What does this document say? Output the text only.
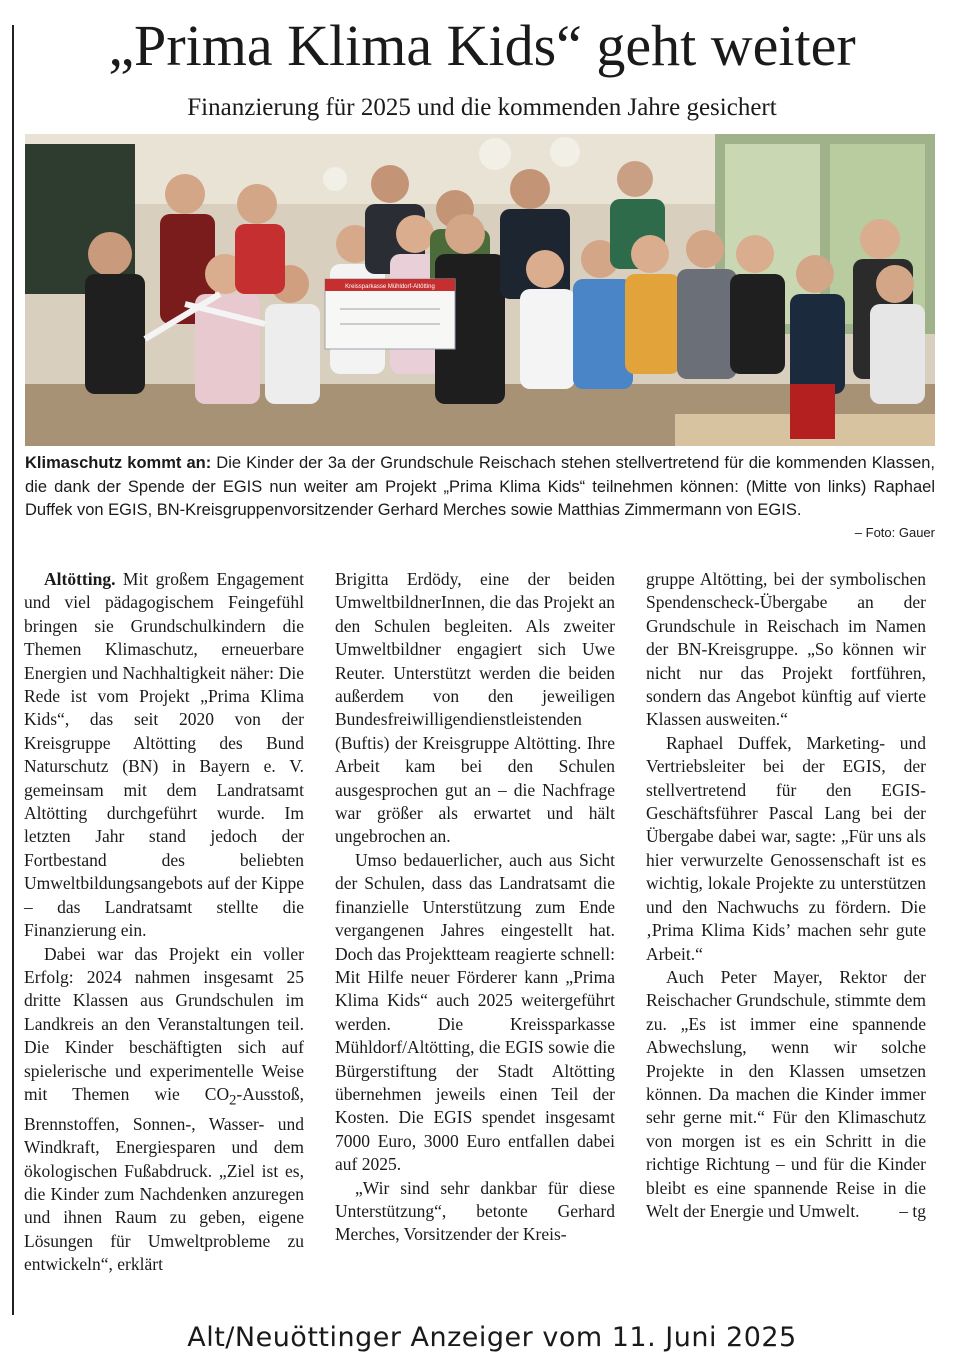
„Prima Klima Kids“ geht weiter
Finanzierung für 2025 und die kommenden Jahre gesichert
Kreissparkasse Mühldorf-Altötting
Klimaschutz kommt an: Die Kinder der 3a der Grundschule Reischach stehen stellvertretend für die kommenden Klassen, die dank der Spende der EGIS nun weiter am Projekt „Prima Klima Kids“ teilnehmen können: (Mitte von links) Raphael Duffek von EGIS, BN-Kreisgruppenvorsitzender Gerhard Merches sowie Matthias Zimmermann von EGIS.
– Foto: Gauer

Altötting. Mit großem Engagement und viel pädagogischem Feingefühl bringen sie Grundschulkindern die Themen Klimaschutz, erneuerbare Energien und Nachhaltigkeit näher: Die Rede ist vom Projekt „Prima Klima Kids“, das seit 2020 von der Kreisgruppe Altötting des Bund Naturschutz (BN) in Bayern e. V. gemeinsam mit dem Landratsamt Altötting durchgeführt wurde. Im letzten Jahr stand jedoch der Fortbestand des beliebten Umweltbildungsangebots auf der Kippe – das Landratsamt stellte die Finanzierung ein.

Dabei war das Projekt ein voller Erfolg: 2024 nahmen insgesamt 25 dritte Klassen aus Grundschulen im Landkreis an den Veranstaltungen teil. Die Kinder beschäftigten sich auf spielerische und experimentelle Weise mit Themen wie $CO_2$-Ausstoß, Brennstoffen, Sonnen-, Wasser- und Windkraft, Energiesparen und dem ökologischen Fußabdruck. „Ziel ist es, die Kinder zum Nachdenken anzuregen und ihnen Raum zu geben, eigene Lösungen für Umweltprobleme zu entwickeln“, erklärt

Brigitta Erdödy, eine der beiden UmweltbildnerInnen, die das Projekt an den Schulen begleiten. Als zweiter Umweltbildner engagiert sich Uwe Reuter. Unterstützt werden die beiden außerdem von den jeweiligen Bundesfreiwilligendienstleistenden (Buftis) der Kreisgruppe Altötting. Ihre Arbeit kam bei den Schulen ausgesprochen gut an – die Nachfrage war größer als erwartet und hält ungebrochen an.

Umso bedauerlicher, auch aus Sicht der Schulen, dass das Landratsamt die finanzielle Unterstützung zum Ende vergangenen Jahres eingestellt hat. Doch das Projektteam reagierte schnell: Mit Hilfe neuer Förderer kann „Prima Klima Kids“ auch 2025 weitergeführt werden. Die Kreissparkasse Mühldorf/Altötting, die EGIS sowie die Bürgerstiftung der Stadt Altötting übernehmen jeweils einen Teil der Kosten. Die EGIS spendet insgesamt 7000 Euro, 3000 Euro entfallen dabei auf 2025.

„Wir sind sehr dankbar für diese Unterstützung“, betonte Gerhard Merches, Vorsitzender der Kreis-

gruppe Altötting, bei der symbolischen Spendenscheck-Übergabe an der Grundschule in Reischach im Namen der BN-Kreisgruppe. „So können wir nicht nur das Projekt fortführen, sondern das Angebot künftig auf vierte Klassen ausweiten.“

Raphael Duffek, Marketing- und Vertriebsleiter bei der EGIS, der stellvertretend für den EGIS-Geschäftsführer Pascal Lang bei der Übergabe dabei war, sagte: „Für uns als hier verwurzelte Genossenschaft ist es wichtig, lokale Projekte zu unterstützen und den Nachwuchs zu fördern. Die ‚Prima Klima Kids’ machen sehr gute Arbeit.“

Auch Peter Mayer, Rektor der Reischacher Grundschule, stimmte dem zu. „Es ist immer eine spannende Abwechslung, wenn wir solche Projekte in den Klassen umsetzen können. Da machen die Kinder immer sehr gerne mit.“ Für den Klimaschutz von morgen ist es ein Schritt in die richtige Richtung – und für die Kinder bleibt es eine spannende Reise in die Welt der Energie und Umwelt.	– tg

Alt/Neuöttinger Anzeiger vom 11. Juni 2025
